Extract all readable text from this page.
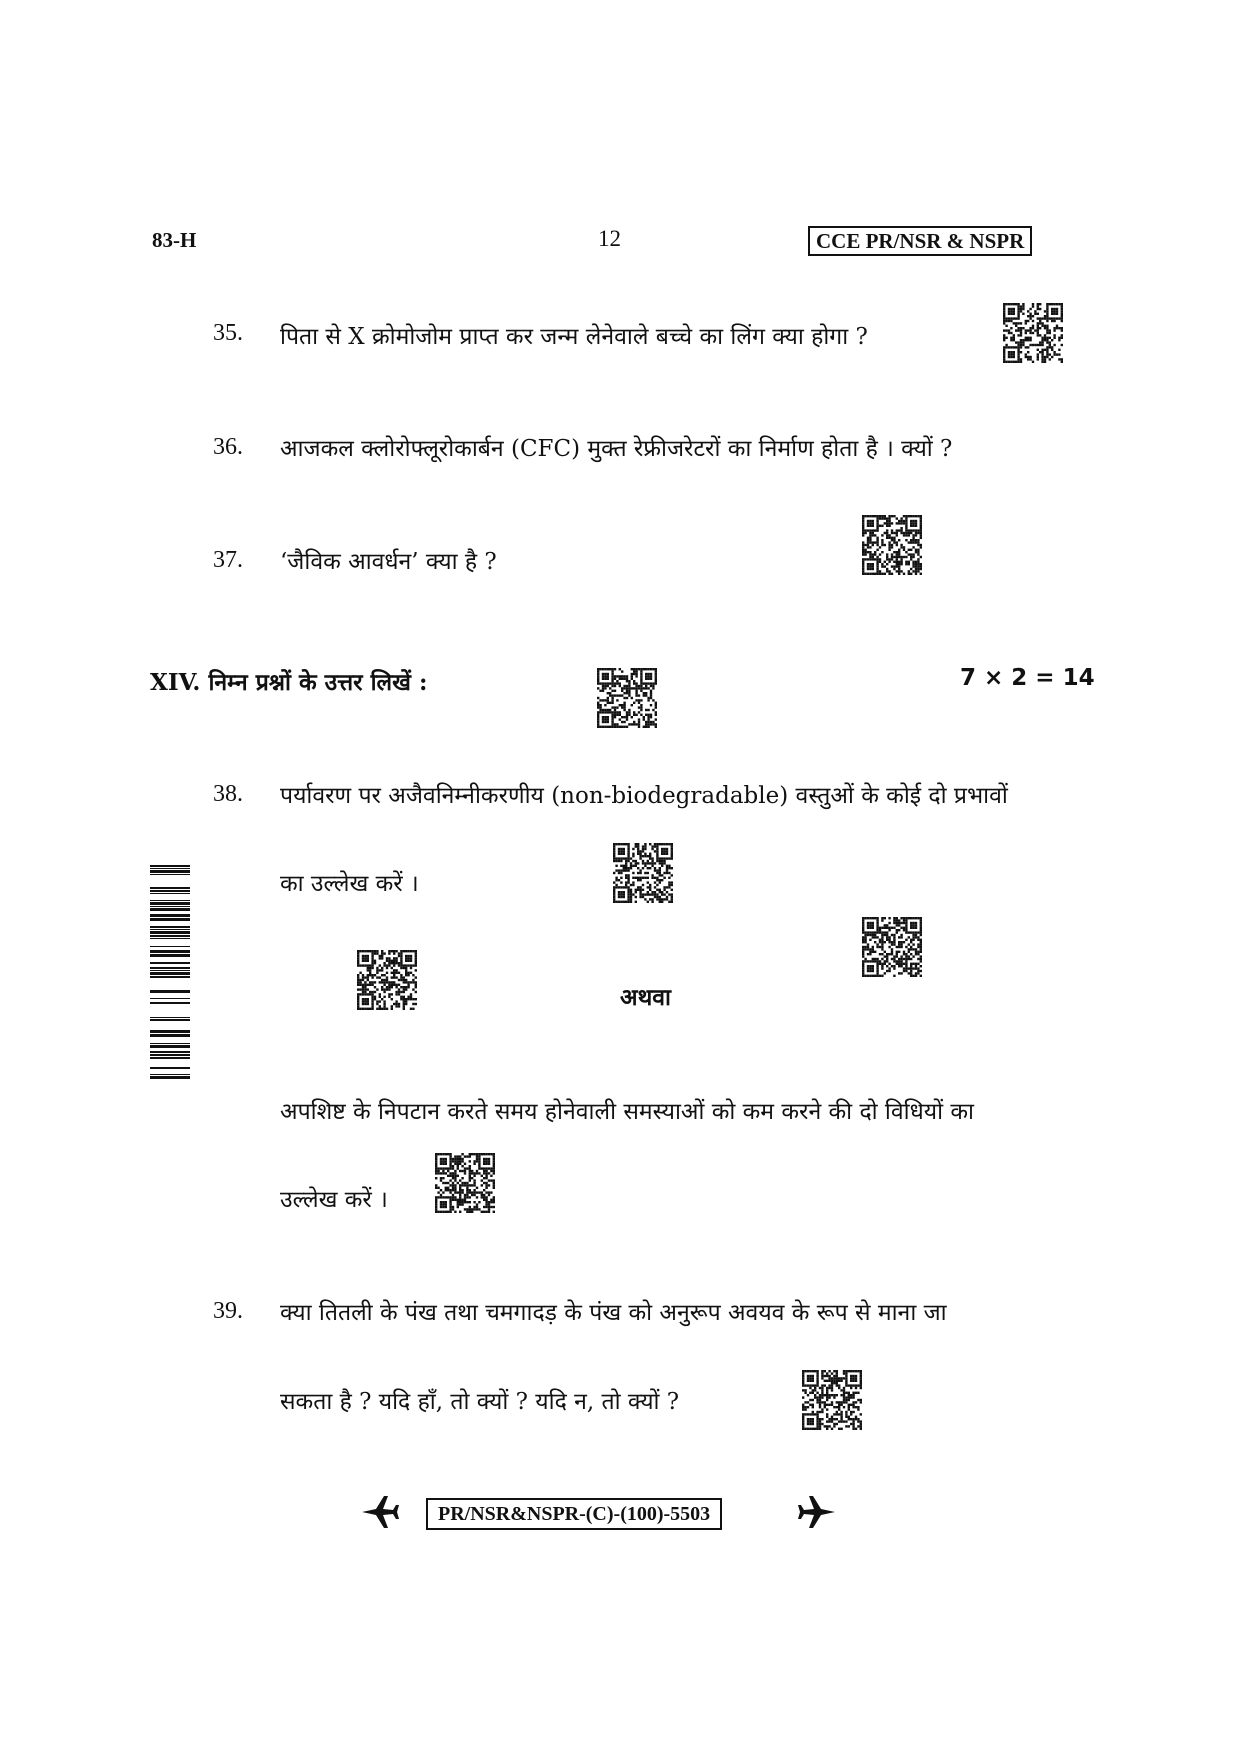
83-H	12	CCE PR/NSR & NSPR
35. पिता से X क्रोमोजोम प्राप्त कर जन्म लेनेवाले बच्चे का लिंग क्या होगा ?
36. आजकल क्लोरोफ्लूरोकार्बन (CFC) मुक्त रेफ्रीजरेटरों का निर्माण होता है । क्यों ?
37. ‘जैविक आवर्धन’ क्या है ?
XIV. निम्न प्रश्नों के उत्तर लिखें :	7 × 2 = 14
38. पर्यावरण पर अजैवनिम्नीकरणीय (non-biodegradable) वस्तुओं के कोई दो प्रभावों
का उल्लेख करें ।
अथवा
अपशिष्ट के निपटान करते समय होनेवाली समस्याओं को कम करने की दो विधियों का
उल्लेख करें ।
39. क्या तितली के पंख तथा चमगादड़ के पंख को अनुरूप अवयव के रूप से माना जा
सकता है ? यदि हाँ, तो क्यों ? यदि न, तो क्यों ?
PR/NSR&NSPR-(C)-(100)-5503
